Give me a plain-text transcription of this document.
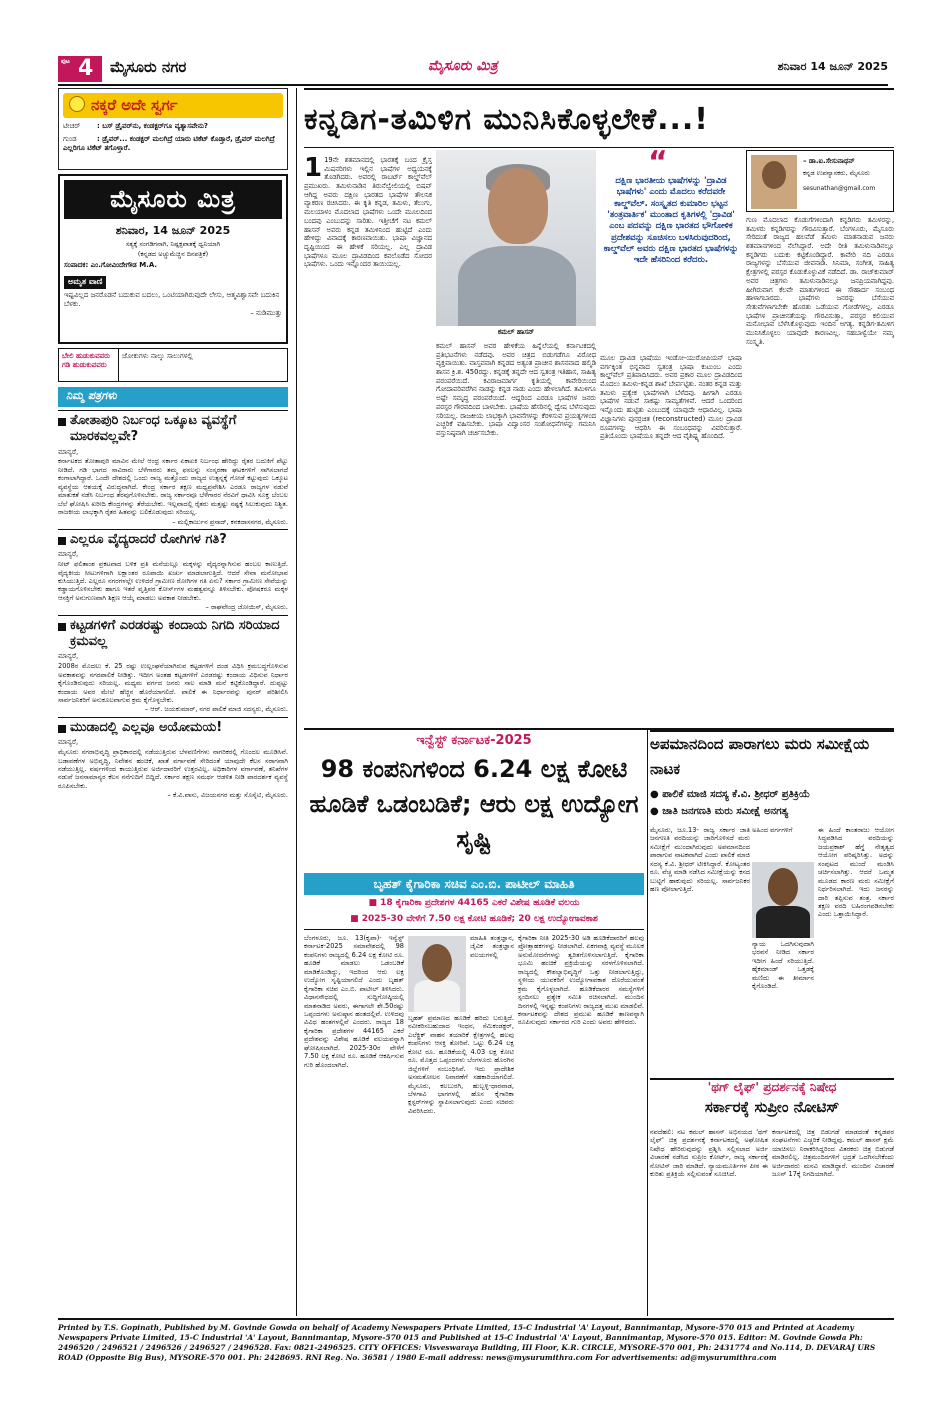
ಪುಟ 4 ಮೈಸೂರು ನಗರ	ಮೈಸೂರು ಮಿತ್ರ	ಶನಿವಾರ 14 ಜೂನ್ 2025
ನಕ್ಕರೆ ಅದೇ ಸ್ವರ್ಗ
ಟೀಚರ್ : ಬಸ್ ಡ್ರೈವರ್‌ನು, ಕಂಡಕ್ಟರ್‌ಗೂ ವ್ಯತ್ಯಾಸವೇನು?
ಗುಂಡ	: ಡ್ರೈವರ್... ಕಂಡಕ್ಟರ್ ಮಲಗಿದ್ರೆ ಯಾರು ಟಿಕೆಟ್ ಕೊಡ್ತಾರೆ, ಡ್ರೈವರ್ ಮಲಗಿದ್ರೆ ಎಲ್ಲರಿಗೂ ಟಿಕೆಟ್ ತಗೊಳ್ತಾರೆ.
ಮೈಸೂರು ಮಿತ್ರ
ಶನಿವಾರ, 14 ಜೂನ್ 2025
ಸತ್ಯಕ್ಕೆ ಸಂಗಡಿಗನಾಗಿ, ನಿಷ್ಪಕ್ಷಪಾತಕ್ಕೆ ಧ್ವನಿಯಾಗಿ
(ಕನ್ನಡದ ಅಚ್ಚುಮೆಚ್ಚಿನ ದಿನಪತ್ರಿಕೆ)
ಸಂಪಾದಕ: ಎಂ.ಗೋವಿಂದೇಗೌಡ M.A.
ಅಮೃತ ವಾಣಿ
ಇಷ್ಟವಿಲ್ಲದ ಜನರೊಡನೆ ಬದುಕುವ ಬದಲು, ಒಂಟಿಯಾಗಿರುವುದೇ ಲೇಸು, ಆತ್ಮವಿಶ್ವಾಸವೇ ಬದುಕಿನ ಬೆಳಕು.
– ನುಡಿಮುತ್ತು
ಬೇಲಿ ಹುಡುಕುವವರು ಗಡಿ ಹುಡುಕುವವರು
ಜೋಕುಗಳು ನಾಲ್ಕು ಸಾಲುಗಳಲ್ಲಿ
ನಿಮ್ಮ ಪತ್ರಗಳು
ತೋತಾಪುರಿ ನಿರ್ಬಂಧ ಒಕ್ಕೂಟ ವ್ಯವಸ್ಥೆಗೆ ಮಾರಕವಲ್ಲವೇ?
ಮಾನ್ಯರೆ,
ಕರ್ನಾಟಕದ ತೋತಾಪುರಿ ಮಾವಿನ ಮೇಲೆ ಆಂಧ್ರ ಸರ್ಕಾರ ಏಕಾಏಕಿ ನಿರ್ಬಂಧ ಹೇರಿದ್ದು ರೈತರ ಬದುಕಿಗೆ ಪೆಟ್ಟು ನೀಡಿದೆ. ಗಡಿ ಭಾಗದ ಸಾವಿರಾರು ಬೆಳೆಗಾರರು ತಮ್ಮ ಫಸಲನ್ನು ಸಂಸ್ಕರಣಾ ಘಟಕಗಳಿಗೆ ಸಾಗಿಸಲಾಗದೆ ಕಂಗಾಲಾಗಿದ್ದಾರೆ. ಒಂದೇ ದೇಶದಲ್ಲಿ ಒಂದು ರಾಜ್ಯ ಮತ್ತೊಂದು ರಾಜ್ಯದ ಉತ್ಪನ್ನಕ್ಕೆ ಗೋಡೆ ಕಟ್ಟುವುದು ಒಕ್ಕೂಟ ವ್ಯವಸ್ಥೆಯ ಆಶಯಕ್ಕೆ ವಿರುದ್ಧವಾಗಿದೆ. ಕೇಂದ್ರ ಸರ್ಕಾರ ತಕ್ಷಣ ಮಧ್ಯಪ್ರವೇಶಿಸಿ ಎರಡೂ ರಾಜ್ಯಗಳ ನಡುವೆ ಮಾತುಕತೆ ನಡೆಸಿ ನಿರ್ಬಂಧ ತೆರವುಗೊಳಿಸಬೇಕು. ರಾಜ್ಯ ಸರ್ಕಾರವೂ ಬೆಳೆಗಾರರ ನೆರವಿಗೆ ಧಾವಿಸಿ ಸೂಕ್ತ ಬೆಂಬಲ ಬೆಲೆ ಘೋಷಿಸಿ ಖರೀದಿ ಕೇಂದ್ರಗಳನ್ನು ತೆರೆಯಬೇಕು. ಇಲ್ಲವಾದಲ್ಲಿ ರೈತರು ಮತ್ತಷ್ಟು ನಷ್ಟಕ್ಕೆ ಸಿಲುಕುವುದು ನಿಶ್ಚಿತ. ರಾಜಕೀಯ ಲಾಭಕ್ಕಾಗಿ ರೈತರ ಹಿತವನ್ನು ಬಲಿಕೊಡುವುದು ಸರಿಯಲ್ಲ.
– ಮಲ್ಲಿಕಾರ್ಜುನ ಪ್ರಸಾದ್, ಕನಕದಾಸನಗರ, ಮೈಸೂರು.
ಎಲ್ಲರೂ ವೈದ್ಯರಾದರೆ ರೋಗಿಗಳ ಗತಿ?
ಮಾನ್ಯರೆ,
ನೀಟ್ ಫಲಿತಾಂಶ ಪ್ರಕಟವಾದ ಬಳಿಕ ಪ್ರತಿ ಮನೆಯಲ್ಲೂ ಮಕ್ಕಳನ್ನು ವೈದ್ಯರನ್ನಾಗಿಸುವ ಹಂಬಲ ಕಾಣುತ್ತಿದೆ. ವೈದ್ಯಕೀಯ ಸೀಟುಗಳಿಗಾಗಿ ಲಕ್ಷಾಂತರ ರೂಪಾಯಿ ಖರ್ಚು ಮಾಡಲಾಗುತ್ತಿದೆ. ಆದರೆ ಸೇವಾ ಮನೋಭಾವ ಕುಸಿಯುತ್ತಿದೆ. ಎಲ್ಲರೂ ನಗರಗಳಲ್ಲೇ ಉಳಿದರೆ ಗ್ರಾಮೀಣ ರೋಗಿಗಳ ಗತಿ ಏನು? ಸರ್ಕಾರ ಗ್ರಾಮೀಣ ಸೇವೆಯನ್ನು ಕಡ್ಡಾಯಗೊಳಿಸಬೇಕು ಹಾಗೂ ಇತರೆ ವೃತ್ತಿಪರ ಕೋರ್ಸ್‌ಗಳ ಮಹತ್ವವನ್ನೂ ತಿಳಿಸಬೇಕು. ಪೋಷಕರೂ ಮಕ್ಕಳ ಆಸಕ್ತಿಗೆ ಅನುಗುಣವಾಗಿ ಶಿಕ್ಷಣ ಆಯ್ಕೆ ಮಾಡಲು ಅವಕಾಶ ನೀಡಬೇಕು.
– ರಾಘವೇಂದ್ರ ಜೋಯಿಸ್, ಮೈಸೂರು.
ಕಟ್ಟಡಗಳಿಗೆ ಎರಡರಷ್ಟು ಕಂದಾಯ ನಿಗದಿ ಸರಿಯಾದ ಕ್ರಮವಲ್ಲ
ಮಾನ್ಯರೆ,
2008ರ ಮೊದಲು ಕೆ. 25 ರಷ್ಟು ಉಲ್ಲಂಘನೆಯಾಗಿರುವ ಕಟ್ಟಡಗಳಿಗೆ ದಂಡ ವಿಧಿಸಿ ಕ್ರಮಬದ್ಧಗೊಳಿಸುವ ಅವಕಾಶವನ್ನು ನಗರಪಾಲಿಕೆ ನೀಡಿತ್ತು. ಇದೀಗ ಅಂತಹ ಕಟ್ಟಡಗಳಿಗೆ ಎರಡರಷ್ಟು ಕಂದಾಯ ವಿಧಿಸುವ ನಿರ್ಧಾರ ಕೈಗೊಂಡಿರುವುದು ಸರಿಯಲ್ಲ. ಮಧ್ಯಮ ವರ್ಗದ ಜನರು ಸಾಲ ಮಾಡಿ ಮನೆ ಕಟ್ಟಿಕೊಂಡಿದ್ದಾರೆ. ದುಪ್ಪಟ್ಟು ಕಂದಾಯ ಅವರ ಮೇಲೆ ಹೆಚ್ಚಿನ ಹೊರೆಯಾಗಲಿದೆ. ಪಾಲಿಕೆ ಈ ನಿರ್ಧಾರವನ್ನು ಪುನರ್ ಪರಿಶೀಲಿಸಿ ಸಾರ್ವಜನಿಕರಿಗೆ ಅನುಕೂಲವಾಗುವ ಕ್ರಮ ಕೈಗೊಳ್ಳಬೇಕು.
– ಆರ್. ಜಯಕುಮಾರ್, ನಗರ ಪಾಲಿಕೆ ಮಾಜಿ ಸದಸ್ಯರು, ಮೈಸೂರು.
ಮುಡಾದಲ್ಲಿ ಎಲ್ಲವೂ ಅಯೋಮಯ!
ಮಾನ್ಯರೆ,
ಮೈಸೂರು ನಗರಾಭಿವೃದ್ಧಿ ಪ್ರಾಧಿಕಾರದಲ್ಲಿ ನಡೆಯುತ್ತಿರುವ ಬೆಳವಣಿಗೆಗಳು ನಾಗರಿಕರಲ್ಲಿ ಗೊಂದಲ ಮೂಡಿಸಿವೆ. ಬಡಾವಣೆಗಳ ಅಭಿವೃದ್ಧಿ, ನಿವೇಶನ ಹಂಚಿಕೆ, ಖಾತೆ ವರ್ಗಾವಣೆ ಸೇರಿದಂತೆ ಯಾವುದೇ ಕೆಲಸ ಸರಾಗವಾಗಿ ನಡೆಯುತ್ತಿಲ್ಲ. ವರ್ಷಗಳಿಂದ ಕಾಯುತ್ತಿರುವ ಅರ್ಜಿದಾರರಿಗೆ ಉತ್ತರವಿಲ್ಲ. ಅಧಿಕಾರಿಗಳ ವರ್ಗಾವಣೆ, ತನಿಖೆಗಳ ನಡುವೆ ಜನಸಾಮಾನ್ಯರ ಕೆಲಸ ನನೆಗುದಿಗೆ ಬಿದ್ದಿದೆ. ಸರ್ಕಾರ ತಕ್ಷಣ ಸಮರ್ಥ ಆಡಳಿತ ನೀಡಿ ಪಾರದರ್ಶಕ ವ್ಯವಸ್ಥೆ ರೂಪಿಸಬೇಕು.
– ಕೆ.ವಿ.ವಾಸು, ವಿಜಯನಗರ ಮತ್ತು ಸೊಸೈಟಿ, ಮೈಸೂರು.
ಕನ್ನಡಿಗ-ತಮಿಳಿಗ ಮುನಿಸಿಕೊಳ್ಳಲೇಕೆ...!
1 19ನೇ ಶತಮಾನದಲ್ಲಿ ಭಾರತಕ್ಕೆ ಬಂದ ಕ್ರೈಸ್ತ ಮಿಷನರಿಗಳು ಇಲ್ಲಿನ ಭಾಷೆಗಳ ಅಧ್ಯಯನಕ್ಕೆ ತೊಡಗಿದರು. ಅವರಲ್ಲಿ ರಾಬರ್ಟ್ ಕಾಲ್ಡ್‌ವೆಲ್ ಪ್ರಮುಖರು. ತಮಿಳುನಾಡಿನ ತಿರುನೆಲ್ವೇಲಿಯಲ್ಲಿ ಬಿಷಪ್ ಆಗಿದ್ದ ಅವರು ದಕ್ಷಿಣ ಭಾರತದ ಭಾಷೆಗಳ ತೌಲನಿಕ ವ್ಯಾಕರಣ ರಚಿಸಿದರು. ಈ ಕೃತಿ ಕನ್ನಡ, ತಮಿಳು, ತೆಲುಗು, ಮಲಯಾಳಂ ಮೊದಲಾದ ಭಾಷೆಗಳು ಒಂದೇ ಮೂಲದಿಂದ ಬಂದವು ಎಂಬುದನ್ನು ಸಾರಿತು. ಇತ್ತೀಚೆಗೆ ನಟ ಕಮಲ್ ಹಾಸನ್ ಅವರು ಕನ್ನಡ ತಮಿಳಿನಿಂದ ಹುಟ್ಟಿದೆ ಎಂದು ಹೇಳಿದ್ದು ವಿವಾದಕ್ಕೆ ಕಾರಣವಾಯಿತು. ಭಾಷಾ ವಿಜ್ಞಾನದ ದೃಷ್ಟಿಯಿಂದ ಈ ಹೇಳಿಕೆ ಸರಿಯಲ್ಲ. ಎಲ್ಲ ದ್ರಾವಿಡ ಭಾಷೆಗಳೂ ಮೂಲ ದ್ರಾವಿಡದಿಂದ ಕವಲೊಡೆದ ಸೋದರ ಭಾಷೆಗಳು. ಒಂದು ಇನ್ನೊಂದರ ತಾಯಿಯಲ್ಲ.
ಕಮಲ್ ಹಾಸನ್
ಕಮಲ್ ಹಾಸನ್ ಅವರ ಹೇಳಿಕೆಯ ಹಿನ್ನೆಲೆಯಲ್ಲಿ ಕರ್ನಾಟಕದಲ್ಲಿ ಪ್ರತಿಭಟನೆಗಳು ನಡೆದವು. ಅವರ ಚಿತ್ರದ ಬಿಡುಗಡೆಗೂ ವಿರೋಧ ವ್ಯಕ್ತವಾಯಿತು. ವಾಸ್ತವವಾಗಿ ಕನ್ನಡದ ಅತ್ಯಂತ ಪ್ರಾಚೀನ ಶಾಸನವಾದ ಹಲ್ಮಿಡಿ ಶಾಸನ ಕ್ರಿ.ಶ. 450ರದ್ದು. ಕನ್ನಡಕ್ಕೆ ತನ್ನದೇ ಆದ ಸ್ವತಂತ್ರ ಇತಿಹಾಸ, ಸಾಹಿತ್ಯ ಪರಂಪರೆಯಿದೆ. ಕವಿರಾಜಮಾರ್ಗ ಕೃತಿಯಲ್ಲಿ ಕಾವೇರಿಯಿಂದ ಗೋದಾವರಿವರೆಗಿನ ನಾಡನ್ನು ಕನ್ನಡ ನಾಡು ಎಂದು ಹೇಳಲಾಗಿದೆ. ತಮಿಳಿಗೂ ಅಷ್ಟೇ ಸಮೃದ್ಧ ಪರಂಪರೆಯಿದೆ. ಆದ್ದರಿಂದ ಎರಡೂ ಭಾಷೆಗಳ ಜನರು ಪರಸ್ಪರ ಗೌರವದಿಂದ ಬಾಳಬೇಕು. ಭಾಷೆಯ ಹೆಸರಿನಲ್ಲಿ ದ್ವೇಷ ಬೆಳೆಸುವುದು ಸರಿಯಲ್ಲ. ರಾಜಕೀಯ ಲಾಭಕ್ಕಾಗಿ ಭಾವನೆಗಳನ್ನು ಕೆರಳಿಸುವ ಪ್ರಯತ್ನಗಳಿಂದ ಎಚ್ಚರಿಕೆ ವಹಿಸಬೇಕು. ಭಾಷಾ ವಿದ್ವಾಂಸರ ಸಂಶೋಧನೆಗಳನ್ನು ಗಮನಿಸಿ ವಸ್ತುನಿಷ್ಠವಾಗಿ ಚರ್ಚಿಸಬೇಕು.
“
ದಕ್ಷಿಣ ಭಾರತೀಯ ಭಾಷೆಗಳನ್ನು 'ದ್ರಾವಿಡ ಭಾಷೆಗಳು' ಎಂದು ಮೊದಲು ಕರೆದವರೇ ಕಾಲ್ಡ್‌ವೆಲ್. ಸಂಸ್ಕೃತದ ಕುಮಾರಿಲ ಭಟ್ಟನ 'ತಂತ್ರವಾರ್ತಿಕ' ಮುಂತಾದ ಕೃತಿಗಳಲ್ಲಿ 'ದ್ರಾವಿಡ' ಎಂಬ ಪದವನ್ನು ದಕ್ಷಿಣ ಭಾರತದ ಭೌಗೋಳಿಕ ಪ್ರದೇಶವನ್ನು ಸೂಚಿಸಲು ಬಳಸಿರುವುದರಿಂದ, ಕಾಲ್ಡ್‌ವೆಲ್ ಅವರು ದಕ್ಷಿಣ ಭಾರತದ ಭಾಷೆಗಳನ್ನು ಇದೇ ಹೆಸರಿನಿಂದ ಕರೆದರು.
– ಡಾ.ಐ.ಸೇಸುನಾಥನ್
ಕನ್ನಡ ಉಪನ್ಯಾಸಕರು, ಮೈಸೂರು
sesunathan@gmail.com
ಮೂಲ ದ್ರಾವಿಡ ಭಾಷೆಯು ಇಂಡೋ-ಯುರೋಪಿಯನ್ ಭಾಷಾ ವರ್ಗಕ್ಕಿಂತ ಭಿನ್ನವಾದ ಸ್ವತಂತ್ರ ಭಾಷಾ ಕುಟುಂಬ ಎಂದು ಕಾಲ್ಡ್‌ವೆಲ್ ಪ್ರತಿಪಾದಿಸಿದರು. ಅವರ ಪ್ರಕಾರ ಮೂಲ ದ್ರಾವಿಡದಿಂದ ಮೊದಲು ತಮಿಳು-ಕನ್ನಡ ಶಾಖೆ ಬೇರ್ಪಟ್ಟಿತು. ನಂತರ ಕನ್ನಡ ಮತ್ತು ತಮಿಳು ಪ್ರತ್ಯೇಕ ಭಾಷೆಗಳಾಗಿ ಬೆಳೆದವು. ಹೀಗಾಗಿ ಎರಡೂ ಭಾಷೆಗಳ ನಡುವೆ ಸಾಕಷ್ಟು ಸಾಮ್ಯತೆಗಳಿವೆ. ಆದರೆ ಒಂದರಿಂದ ಇನ್ನೊಂದು ಹುಟ್ಟಿತು ಎಂಬುದಕ್ಕೆ ಯಾವುದೇ ಆಧಾರವಿಲ್ಲ. ಭಾಷಾ ವಿಜ್ಞಾನಿಗಳು ಪುನರ್ರಚಿತ (reconstructed) ಮೂಲ ದ್ರಾವಿಡ ರೂಪಗಳನ್ನು ಆಧರಿಸಿ ಈ ಸಂಬಂಧವನ್ನು ವಿವರಿಸುತ್ತಾರೆ. ಪ್ರತಿಯೊಂದು ಭಾಷೆಯೂ ತನ್ನದೇ ಆದ ವೈಶಿಷ್ಟ್ಯ ಹೊಂದಿದೆ.
ಗುಣ ಮೊದಲಾದ ಕೊಡುಗೆಗಳಿಂದಾಗಿ ಕನ್ನಡಿಗರು ತಮಿಳರನ್ನು, ತಮಿಳರು ಕನ್ನಡಿಗರನ್ನು ಗೌರವಿಸುತ್ತಾರೆ. ಬೆಂಗಳೂರು, ಮೈಸೂರು ಸೇರಿದಂತೆ ರಾಜ್ಯದ ಹಲವೆಡೆ ತಮಿಳು ಮಾತನಾಡುವ ಜನರು ಶತಮಾನಗಳಿಂದ ನೆಲೆಸಿದ್ದಾರೆ. ಅದೇ ರೀತಿ ತಮಿಳುನಾಡಿನಲ್ಲೂ ಕನ್ನಡಿಗರು ಬದುಕು ಕಟ್ಟಿಕೊಂಡಿದ್ದಾರೆ. ಕಾವೇರಿ ನದಿ ಎರಡೂ ರಾಜ್ಯಗಳನ್ನು ಬೆಸೆಯುವ ಜೀವನಾಡಿ. ಸಿನಿಮಾ, ಸಂಗೀತ, ಸಾಹಿತ್ಯ ಕ್ಷೇತ್ರಗಳಲ್ಲಿ ಪರಸ್ಪರ ಕೊಡುಕೊಳ್ಳುವಿಕೆ ನಡೆದಿದೆ. ಡಾ. ರಾಜ್‌ಕುಮಾರ್ ಅವರ ಚಿತ್ರಗಳು ತಮಿಳುನಾಡಿನಲ್ಲೂ ಜನಪ್ರಿಯವಾಗಿದ್ದವು. ಹೀಗಿರುವಾಗ ಕೆಲವೇ ಮಾತುಗಳಿಂದ ಈ ಸೌಹಾರ್ದ ಸಂಬಂಧ ಹಾಳಾಗಬಾರದು. ಭಾಷೆಗಳು ಜನರನ್ನು ಬೆಸೆಯುವ ಸೇತುವೆಗಳಾಗಬೇಕೇ ಹೊರತು ಒಡೆಯುವ ಗೋಡೆಗಳಲ್ಲ. ಎರಡೂ ಭಾಷೆಗಳ ಪ್ರಾಚೀನತೆಯನ್ನು ಗೌರವಿಸುತ್ತಾ, ಪರಸ್ಪರ ಕಲಿಯುವ ಮನೋಭಾವ ಬೆಳೆಸಿಕೊಳ್ಳುವುದು ಇಂದಿನ ಅಗತ್ಯ. ಕನ್ನಡಿಗ-ತಮಿಳಿಗ ಮುನಿಸಿಕೊಳ್ಳಲು ಯಾವುದೇ ಕಾರಣವಿಲ್ಲ. ಸಹಬಾಳ್ವೆಯೇ ನಮ್ಮ ಸಂಸ್ಕೃತಿ.
ಇನ್ವೆಸ್ಟ್ ಕರ್ನಾಟಕ-2025
98 ಕಂಪನಿಗಳಿಂದ 6.24 ಲಕ್ಷ ಕೋಟಿ ಹೂಡಿಕೆ ಒಡಂಬಡಿಕೆ; ಆರು ಲಕ್ಷ ಉದ್ಯೋಗ ಸೃಷ್ಟಿ
ಬೃಹತ್ ಕೈಗಾರಿಕಾ ಸಚಿವ ಎಂ.ಬಿ. ಪಾಟೀಲ್ ಮಾಹಿತಿ
■ 18 ಕೈಗಾರಿಕಾ ಪ್ರದೇಶಗಳ 44165 ಎಕರೆ ವಿಶೇಷ ಹೂಡಿಕೆ ವಲಯ
■ 2025-30 ವೇಳೆಗೆ 7.50 ಲಕ್ಷ ಕೋಟಿ ಹೂಡಿಕೆ; 20 ಲಕ್ಷ ಉದ್ಯೋಗಾವಕಾಶ
ಬೆಂಗಳೂರು, ಜೂ. 13(ಕೃಪಾ)- ಇನ್ವೆಸ್ಟ್ ಕರ್ನಾಟಕ-2025 ಸಮಾವೇಶದಲ್ಲಿ 98 ಕಂಪನಿಗಳು ರಾಜ್ಯದಲ್ಲಿ 6.24 ಲಕ್ಷ ಕೋಟಿ ರೂ. ಹೂಡಿಕೆ ಮಾಡಲು ಒಡಂಬಡಿಕೆ ಮಾಡಿಕೊಂಡಿದ್ದು, ಇದರಿಂದ ಆರು ಲಕ್ಷ ಉದ್ಯೋಗ ಸೃಷ್ಟಿಯಾಗಲಿದೆ ಎಂದು ಬೃಹತ್ ಕೈಗಾರಿಕಾ ಸಚಿವ ಎಂ.ಬಿ. ಪಾಟೀಲ್ ತಿಳಿಸಿದರು. ವಿಧಾನಸೌಧದಲ್ಲಿ ಸುದ್ದಿಗೋಷ್ಠಿಯಲ್ಲಿ ಮಾತನಾಡಿದ ಅವರು, ಈಗಾಗಲೇ ಶೇ.50ರಷ್ಟು ಒಪ್ಪಂದಗಳು ಅನುಷ್ಠಾನ ಹಂತದಲ್ಲಿವೆ. ಉಳಿದವು ವಿವಿಧ ಹಂತಗಳಲ್ಲಿವೆ ಎಂದರು. ರಾಜ್ಯದ 18 ಕೈಗಾರಿಕಾ ಪ್ರದೇಶಗಳ 44165 ಎಕರೆ ಪ್ರದೇಶವನ್ನು ವಿಶೇಷ ಹೂಡಿಕೆ ವಲಯವನ್ನಾಗಿ ಘೋಷಿಸಲಾಗಿದೆ. 2025-30ರ ವೇಳೆಗೆ 7.50 ಲಕ್ಷ ಕೋಟಿ ರೂ. ಹೂಡಿಕೆ ಆಕರ್ಷಿಸುವ ಗುರಿ ಹೊಂದಲಾಗಿದೆ.
ಮಾಹಿತಿ ತಂತ್ರಜ್ಞಾನ, ಜೈವಿಕ ತಂತ್ರಜ್ಞಾನ ವಲಯಗಳಲ್ಲಿ
ಬೃಹತ್ ಪ್ರಮಾಣದ ಹೂಡಿಕೆ ಹರಿದು ಬರುತ್ತಿದೆ. ನವೀಕರಿಸಬಹುದಾದ ಇಂಧನ, ಸೆಮಿಕಂಡಕ್ಟರ್, ಎಲೆಕ್ಟ್ರಿಕ್ ವಾಹನ ತಯಾರಿಕೆ ಕ್ಷೇತ್ರಗಳಲ್ಲಿ ಹಲವು ಕಂಪನಿಗಳು ಆಸಕ್ತಿ ತೋರಿವೆ. ಒಟ್ಟು 6.24 ಲಕ್ಷ ಕೋಟಿ ರೂ. ಹೂಡಿಕೆಯಲ್ಲಿ 4.03 ಲಕ್ಷ ಕೋಟಿ ರೂ. ಮೊತ್ತದ ಒಪ್ಪಂದಗಳು ಬೆಂಗಳೂರು ಹೊರಗಿನ ಜಿಲ್ಲೆಗಳಿಗೆ ಸಂಬಂಧಿಸಿವೆ. ಇದು ಪ್ರಾದೇಶಿಕ ಅಸಮತೋಲನ ನಿವಾರಣೆಗೆ ಸಹಕಾರಿಯಾಗಲಿದೆ. ಮೈಸೂರು, ಕಲಬುರಗಿ, ಹುಬ್ಬಳ್ಳಿ-ಧಾರವಾಡ, ಬೆಳಗಾವಿ ಭಾಗಗಳಲ್ಲಿ ಹೊಸ ಕೈಗಾರಿಕಾ ಕ್ಲಸ್ಟರ್‌ಗಳನ್ನು ಸ್ಥಾಪಿಸಲಾಗುವುದು ಎಂದು ಸಚಿವರು ವಿವರಿಸಿದರು.
ಕೈಗಾರಿಕಾ ನೀತಿ 2025-30 ಅಡಿ ಹೂಡಿಕೆದಾರರಿಗೆ ಹಲವು ಪ್ರೋತ್ಸಾಹಕಗಳನ್ನು ನೀಡಲಾಗಿದೆ. ಏಕಗವಾಕ್ಷಿ ವ್ಯವಸ್ಥೆ ಮೂಲಕ ಅನುಮೋದನೆಗಳನ್ನು ತ್ವರಿತಗೊಳಿಸಲಾಗುತ್ತಿದೆ. ಕೈಗಾರಿಕಾ ಭೂಮಿ ಹಂಚಿಕೆ ಪ್ರಕ್ರಿಯೆಯನ್ನು ಸರಳಗೊಳಿಸಲಾಗಿದೆ. ರಾಜ್ಯದಲ್ಲಿ ಕೌಶಲ್ಯಾಭಿವೃದ್ಧಿಗೆ ಒತ್ತು ನೀಡಲಾಗುತ್ತಿದ್ದು, ಸ್ಥಳೀಯ ಯುವಕರಿಗೆ ಉದ್ಯೋಗಾವಕಾಶ ದೊರೆಯುವಂತೆ ಕ್ರಮ ಕೈಗೊಳ್ಳಲಾಗಿದೆ. ಹೂಡಿಕೆದಾರರ ಸಮಸ್ಯೆಗಳಿಗೆ ಸ್ಪಂದಿಸಲು ಪ್ರತ್ಯೇಕ ಸಮಿತಿ ರಚಿಸಲಾಗಿದೆ. ಮುಂದಿನ ದಿನಗಳಲ್ಲಿ ಇನ್ನಷ್ಟು ಕಂಪನಿಗಳು ರಾಜ್ಯದತ್ತ ಮುಖ ಮಾಡಲಿವೆ. ಕರ್ನಾಟಕವನ್ನು ದೇಶದ ಪ್ರಮುಖ ಹೂಡಿಕೆ ತಾಣವನ್ನಾಗಿ ರೂಪಿಸುವುದು ಸರ್ಕಾರದ ಗುರಿ ಎಂದು ಅವರು ಹೇಳಿದರು.
ಅಪಮಾನದಿಂದ ಪಾರಾಗಲು ಮರು ಸಮೀಕ್ಷೆಯ ನಾಟಕ
● ಪಾಲಿಕೆ ಮಾಜಿ ಸದಸ್ಯ ಕೆ.ವಿ. ಶ್ರೀಧರ್ ಪ್ರತಿಕ್ರಿಯೆ
● ಜಾತಿ ಜನಗಣತಿ ಮರು ಸಮೀಕ್ಷೆ ಅನಗತ್ಯ
ಮೈಸೂರು, ಜೂ.13- ರಾಜ್ಯ ಸರ್ಕಾರ ಜಾತಿ ಜನಗಣತಿ ವರದಿಯನ್ನು ಜಾರಿಗೊಳಿಸದೆ ಮರು ಸಮೀಕ್ಷೆಗೆ ಮುಂದಾಗಿರುವುದು ಅಪಮಾನದಿಂದ ಪಾರಾಗುವ ನಾಟಕವಾಗಿದೆ ಎಂದು ಪಾಲಿಕೆ ಮಾಜಿ ಸದಸ್ಯ ಕೆ.ವಿ. ಶ್ರೀಧರ್ ಟೀಕಿಸಿದ್ದಾರೆ. ಕೋಟ್ಯಂತರ ರೂ. ವೆಚ್ಚ ಮಾಡಿ ನಡೆಸಿದ ಸಮೀಕ್ಷೆಯನ್ನು ಕಸದ ಬುಟ್ಟಿಗೆ ಹಾಕುವುದು ಸರಿಯಲ್ಲ. ಸಾರ್ವಜನಿಕರ ಹಣ ಪೋಲಾಗುತ್ತಿದೆ.
ಅಹಿಂದ ವರ್ಗಗಳಿಗೆ
ನ್ಯಾಯ ಒದಗಿಸುವುದಾಗಿ ಭರವಸೆ ನೀಡಿದ ಸರ್ಕಾರ ಇದೀಗ ಹಿಂದೆ ಸರಿಯುತ್ತಿದೆ. ಹೈಕಮಾಂಡ್ ಒತ್ತಡಕ್ಕೆ ಮಣಿದು ಈ ತೀರ್ಮಾನ ಕೈಗೊಂಡಿದೆ.
ಈ ಹಿಂದೆ ಕಾಂತರಾಜು ಆಯೋಗ ಸಿದ್ಧಪಡಿಸಿದ ವರದಿಯನ್ನು ಜಯಪ್ರಕಾಶ್ ಹೆಗ್ಡೆ ನೇತೃತ್ವದ ಆಯೋಗ ಪರಿಷ್ಕರಿಸಿತ್ತು. ಅದನ್ನು ಸಂಪುಟದ ಮುಂದೆ ಮಂಡಿಸಿ ಚರ್ಚಿಸಲಾಗಿತ್ತು. ಆದರೆ ಒಮ್ಮತ ಮೂಡದ ಕಾರಣ ಮರು ಸಮೀಕ್ಷೆಗೆ ನಿರ್ಧರಿಸಲಾಗಿದೆ. ಇದು ಜನರನ್ನು ದಾರಿ ತಪ್ಪಿಸುವ ತಂತ್ರ. ಸರ್ಕಾರ ತಕ್ಷಣ ವರದಿ ಬಹಿರಂಗಪಡಿಸಬೇಕು ಎಂದು ಒತ್ತಾಯಿಸಿದ್ದಾರೆ.
'ಥಗ್ ಲೈಫ್' ಪ್ರದರ್ಶನಕ್ಕೆ ನಿಷೇಧ
ಸರ್ಕಾರಕ್ಕೆ ಸುಪ್ರೀಂ ನೋಟಿಸ್
ನವದೆಹಲಿ: ನಟ ಕಮಲ್ ಹಾಸನ್ ಅಭಿನಯದ 'ಥಗ್ ಲೈಫ್' ಚಿತ್ರ ಪ್ರದರ್ಶನಕ್ಕೆ ಕರ್ನಾಟಕದಲ್ಲಿ ಅಘೋಷಿತ ನಿಷೇಧ ಹೇರಿರುವುದನ್ನು ಪ್ರಶ್ನಿಸಿ ಸಲ್ಲಿಸಲಾದ ಅರ್ಜಿ ವಿಚಾರಣೆ ನಡೆಸಿದ ಸುಪ್ರೀಂ ಕೋರ್ಟ್, ರಾಜ್ಯ ಸರ್ಕಾರಕ್ಕೆ ನೋಟಿಸ್ ಜಾರಿ ಮಾಡಿದೆ. ನ್ಯಾಯಮೂರ್ತಿಗಳ ಪೀಠ ಈ ಕುರಿತು ಪ್ರತಿಕ್ರಿಯೆ ಸಲ್ಲಿಸುವಂತೆ ಸೂಚಿಸಿದೆ.
ಕರ್ನಾಟಕದಲ್ಲಿ ಚಿತ್ರ ಬಿಡುಗಡೆ ಮಾಡದಂತೆ ಕನ್ನಡಪರ ಸಂಘಟನೆಗಳು ಎಚ್ಚರಿಕೆ ನೀಡಿದ್ದವು. ಕಮಲ್ ಹಾಸನ್ ಕ್ಷಮೆ ಯಾಚಿಸಲು ನಿರಾಕರಿಸಿದ್ದರಿಂದ ವಿತರಕರು ಚಿತ್ರ ಬಿಡುಗಡೆ ಮಾಡಿರಲಿಲ್ಲ. ಚಿತ್ರಮಂದಿರಗಳಿಗೆ ಭದ್ರತೆ ಒದಗಿಸಬೇಕೆಂದು ಅರ್ಜಿದಾರರು ಮನವಿ ಮಾಡಿದ್ದಾರೆ. ಮುಂದಿನ ವಿಚಾರಣೆ ಜೂನ್ 17ಕ್ಕೆ ನಿಗದಿಯಾಗಿದೆ.
Printed by T.S. Gopinath, Published by M. Govinde Gowda on behalf of Academy Newspapers Private Limited, 15-C Industrial 'A' Layout, Bannimantap, Mysore-570 015 and Printed at Academy Newspapers Private Limited, 15-C Industrial 'A' Layout, Bannimantap, Mysore-570 015 and Published at 15-C Industrial 'A' Layout, Bannimantap, Mysore-570 015. Editor: M. Govinde Gowda Ph: 2496520 / 2496521 / 2496526 / 2496527 / 2496528. Fax: 0821-2496525. CITY OFFICES: Visveswaraya Building, III Floor, K.R. CIRCLE, MYSORE-570 001, Ph: 2431774 and No.114, D. DEVARAJ URS ROAD (Opposite Big Bus), MYSORE-570 001. Ph: 2428695. RNI Reg. No. 36581 / 1980 E-mail address: news@mysurumithra.com For advertisements: ad@mysurumithra.com
